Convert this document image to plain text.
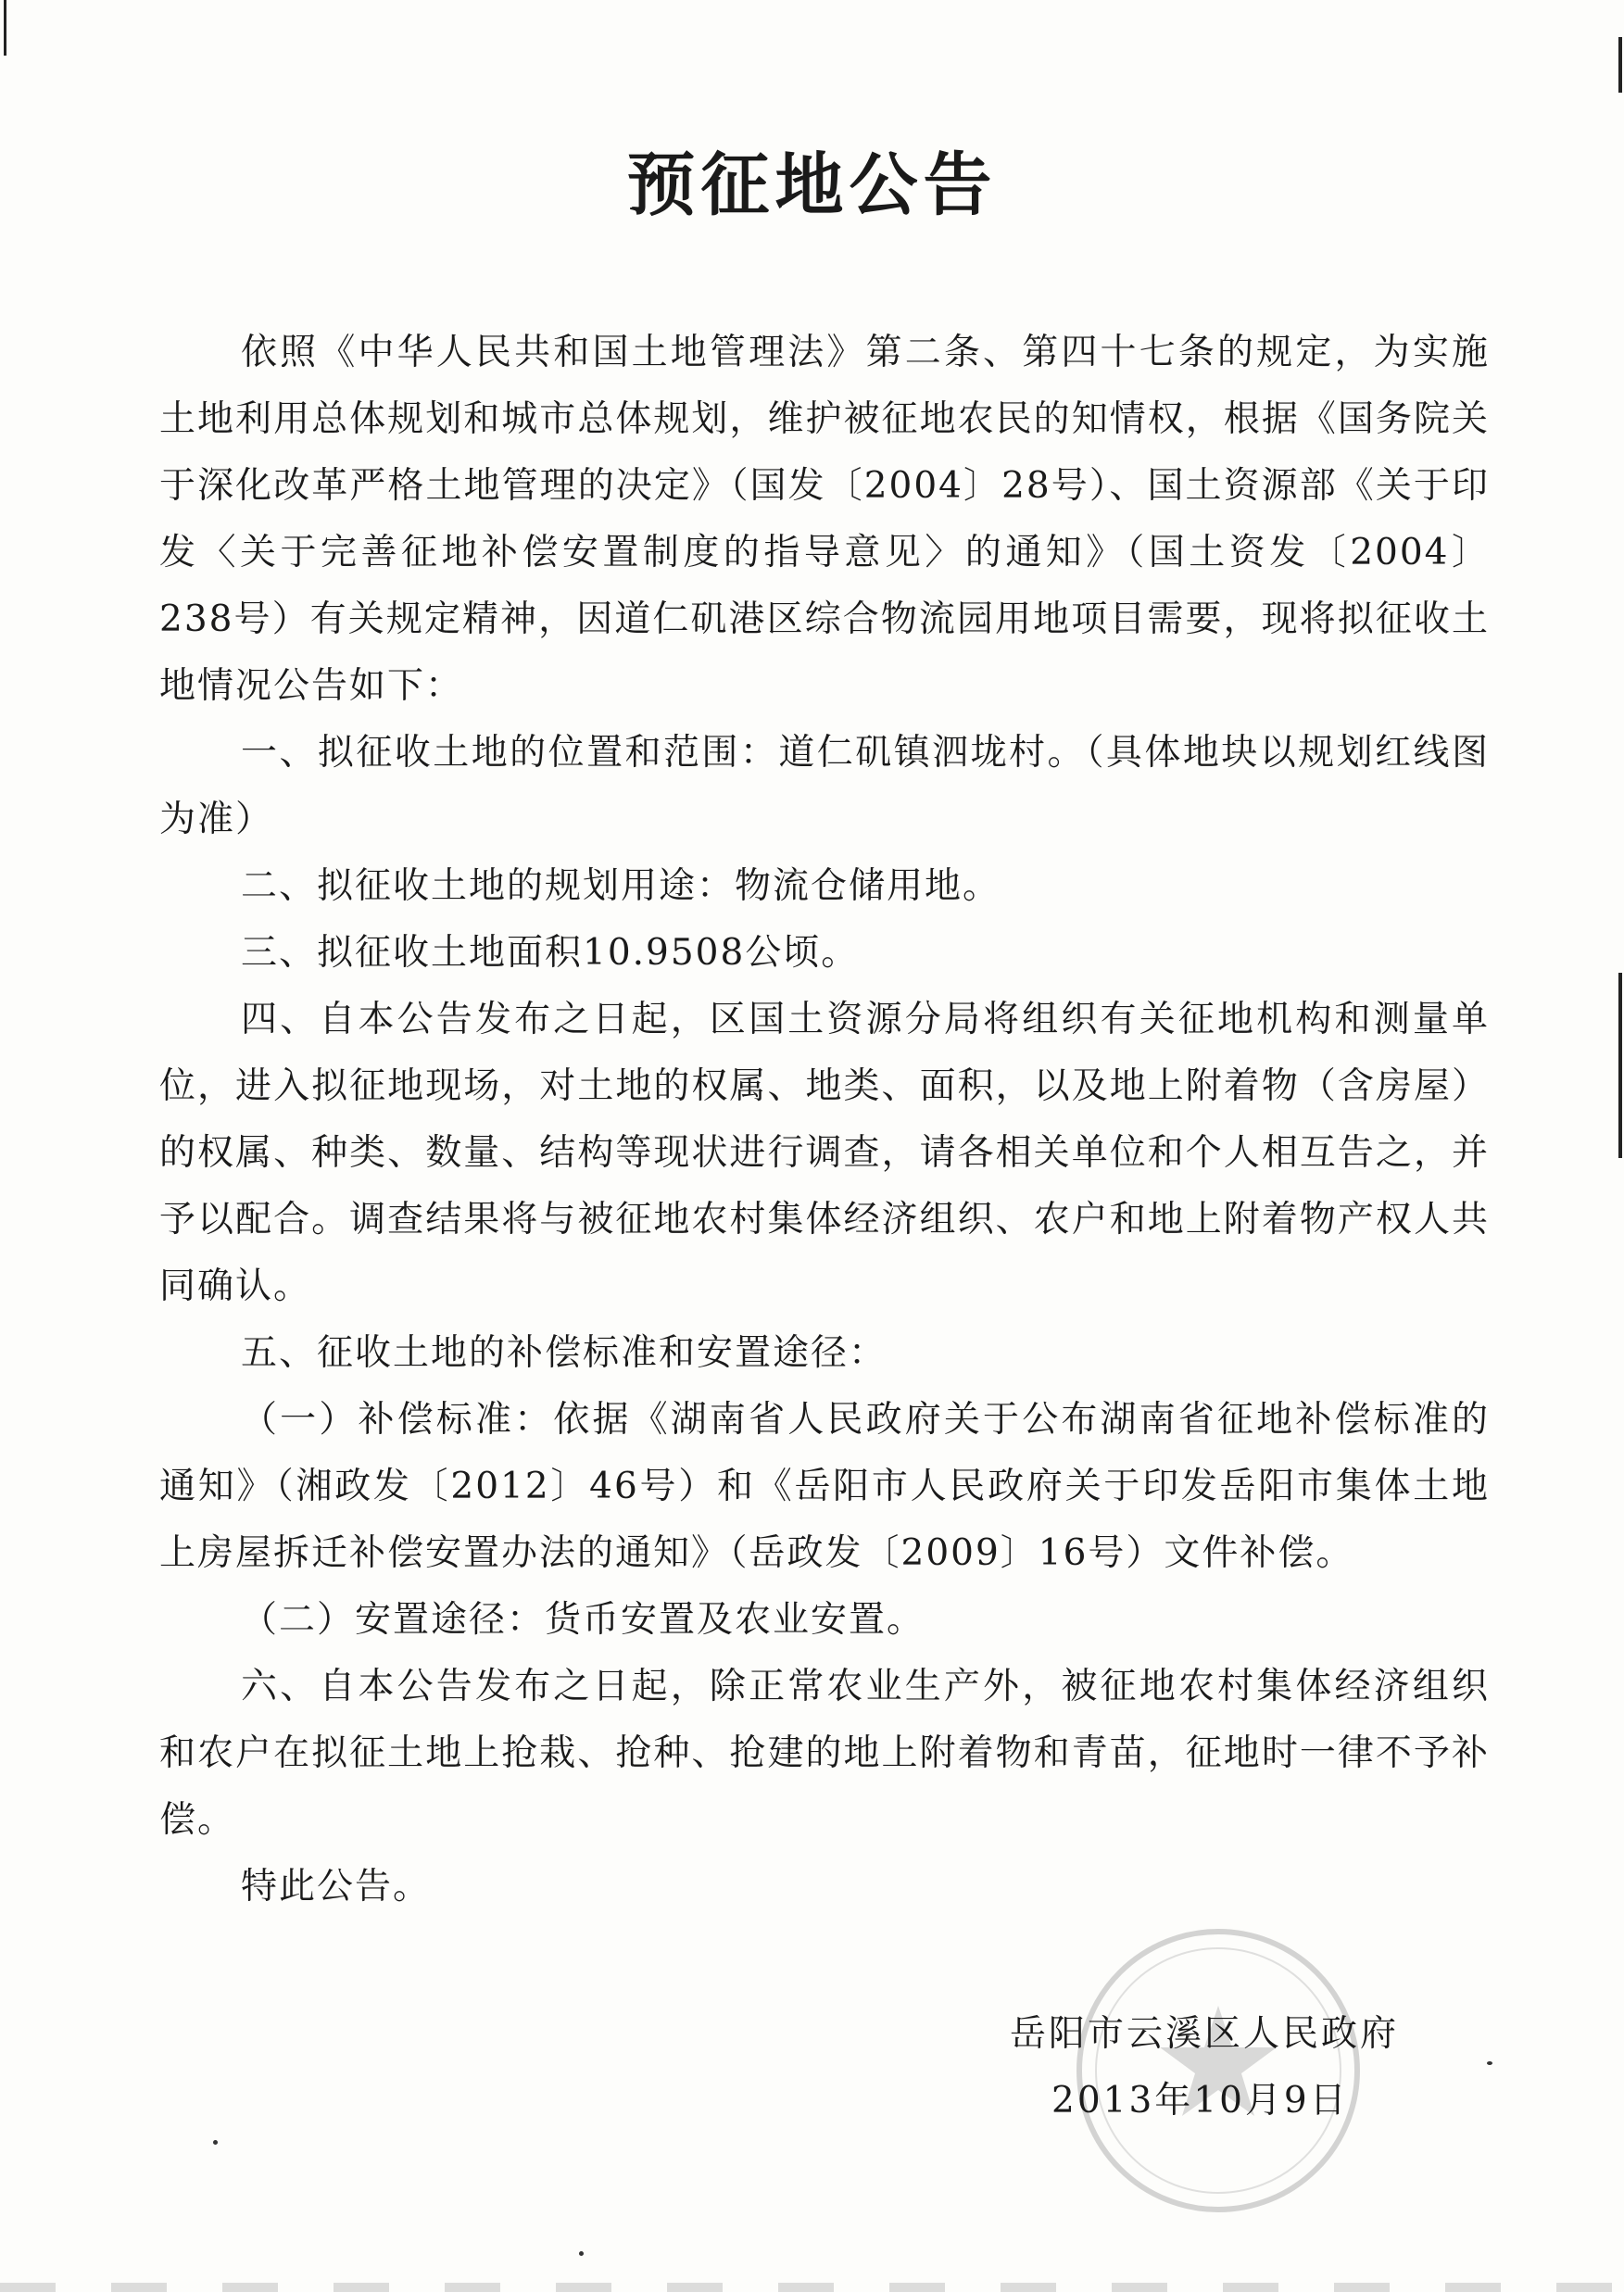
预征地公告

依照《中华人民共和国土地管理法》第二条、第四十七条的规定，为实施土地利用总体规划和城市总体规划，维护被征地农民的知情权，根据《国务院关于深化改革严格土地管理的决定》（国发〔2004〕28号）、国土资源部《关于印发〈关于完善征地补偿安置制度的指导意见〉的通知》（国土资发〔2004〕238号）有关规定精神，因道仁矶港区综合物流园用地项目需要，现将拟征收土地情况公告如下：

一、拟征收土地的位置和范围：道仁矶镇泗垅村。（具体地块以规划红线图为准）

二、拟征收土地的规划用途：物流仓储用地。

三、拟征收土地面积10.9508公顷。

四、自本公告发布之日起，区国土资源分局将组织有关征地机构和测量单位，进入拟征地现场，对土地的权属、地类、面积，以及地上附着物（含房屋）的权属、种类、数量、结构等现状进行调查，请各相关单位和个人相互告之，并予以配合。调查结果将与被征地农村集体经济组织、农户和地上附着物产权人共同确认。

五、征收土地的补偿标准和安置途径：

（一）补偿标准：依据《湖南省人民政府关于公布湖南省征地补偿标准的通知》（湘政发〔2012〕46号）和《岳阳市人民政府关于印发岳阳市集体土地上房屋拆迁补偿安置办法的通知》（岳政发〔2009〕16号）文件补偿。

（二）安置途径：货币安置及农业安置。

六、自本公告发布之日起，除正常农业生产外，被征地农村集体经济组织和农户在拟征土地上抢栽、抢种、抢建的地上附着物和青苗，征地时一律不予补偿。

特此公告。

岳阳市云溪区人民政府
2013年10月9日
